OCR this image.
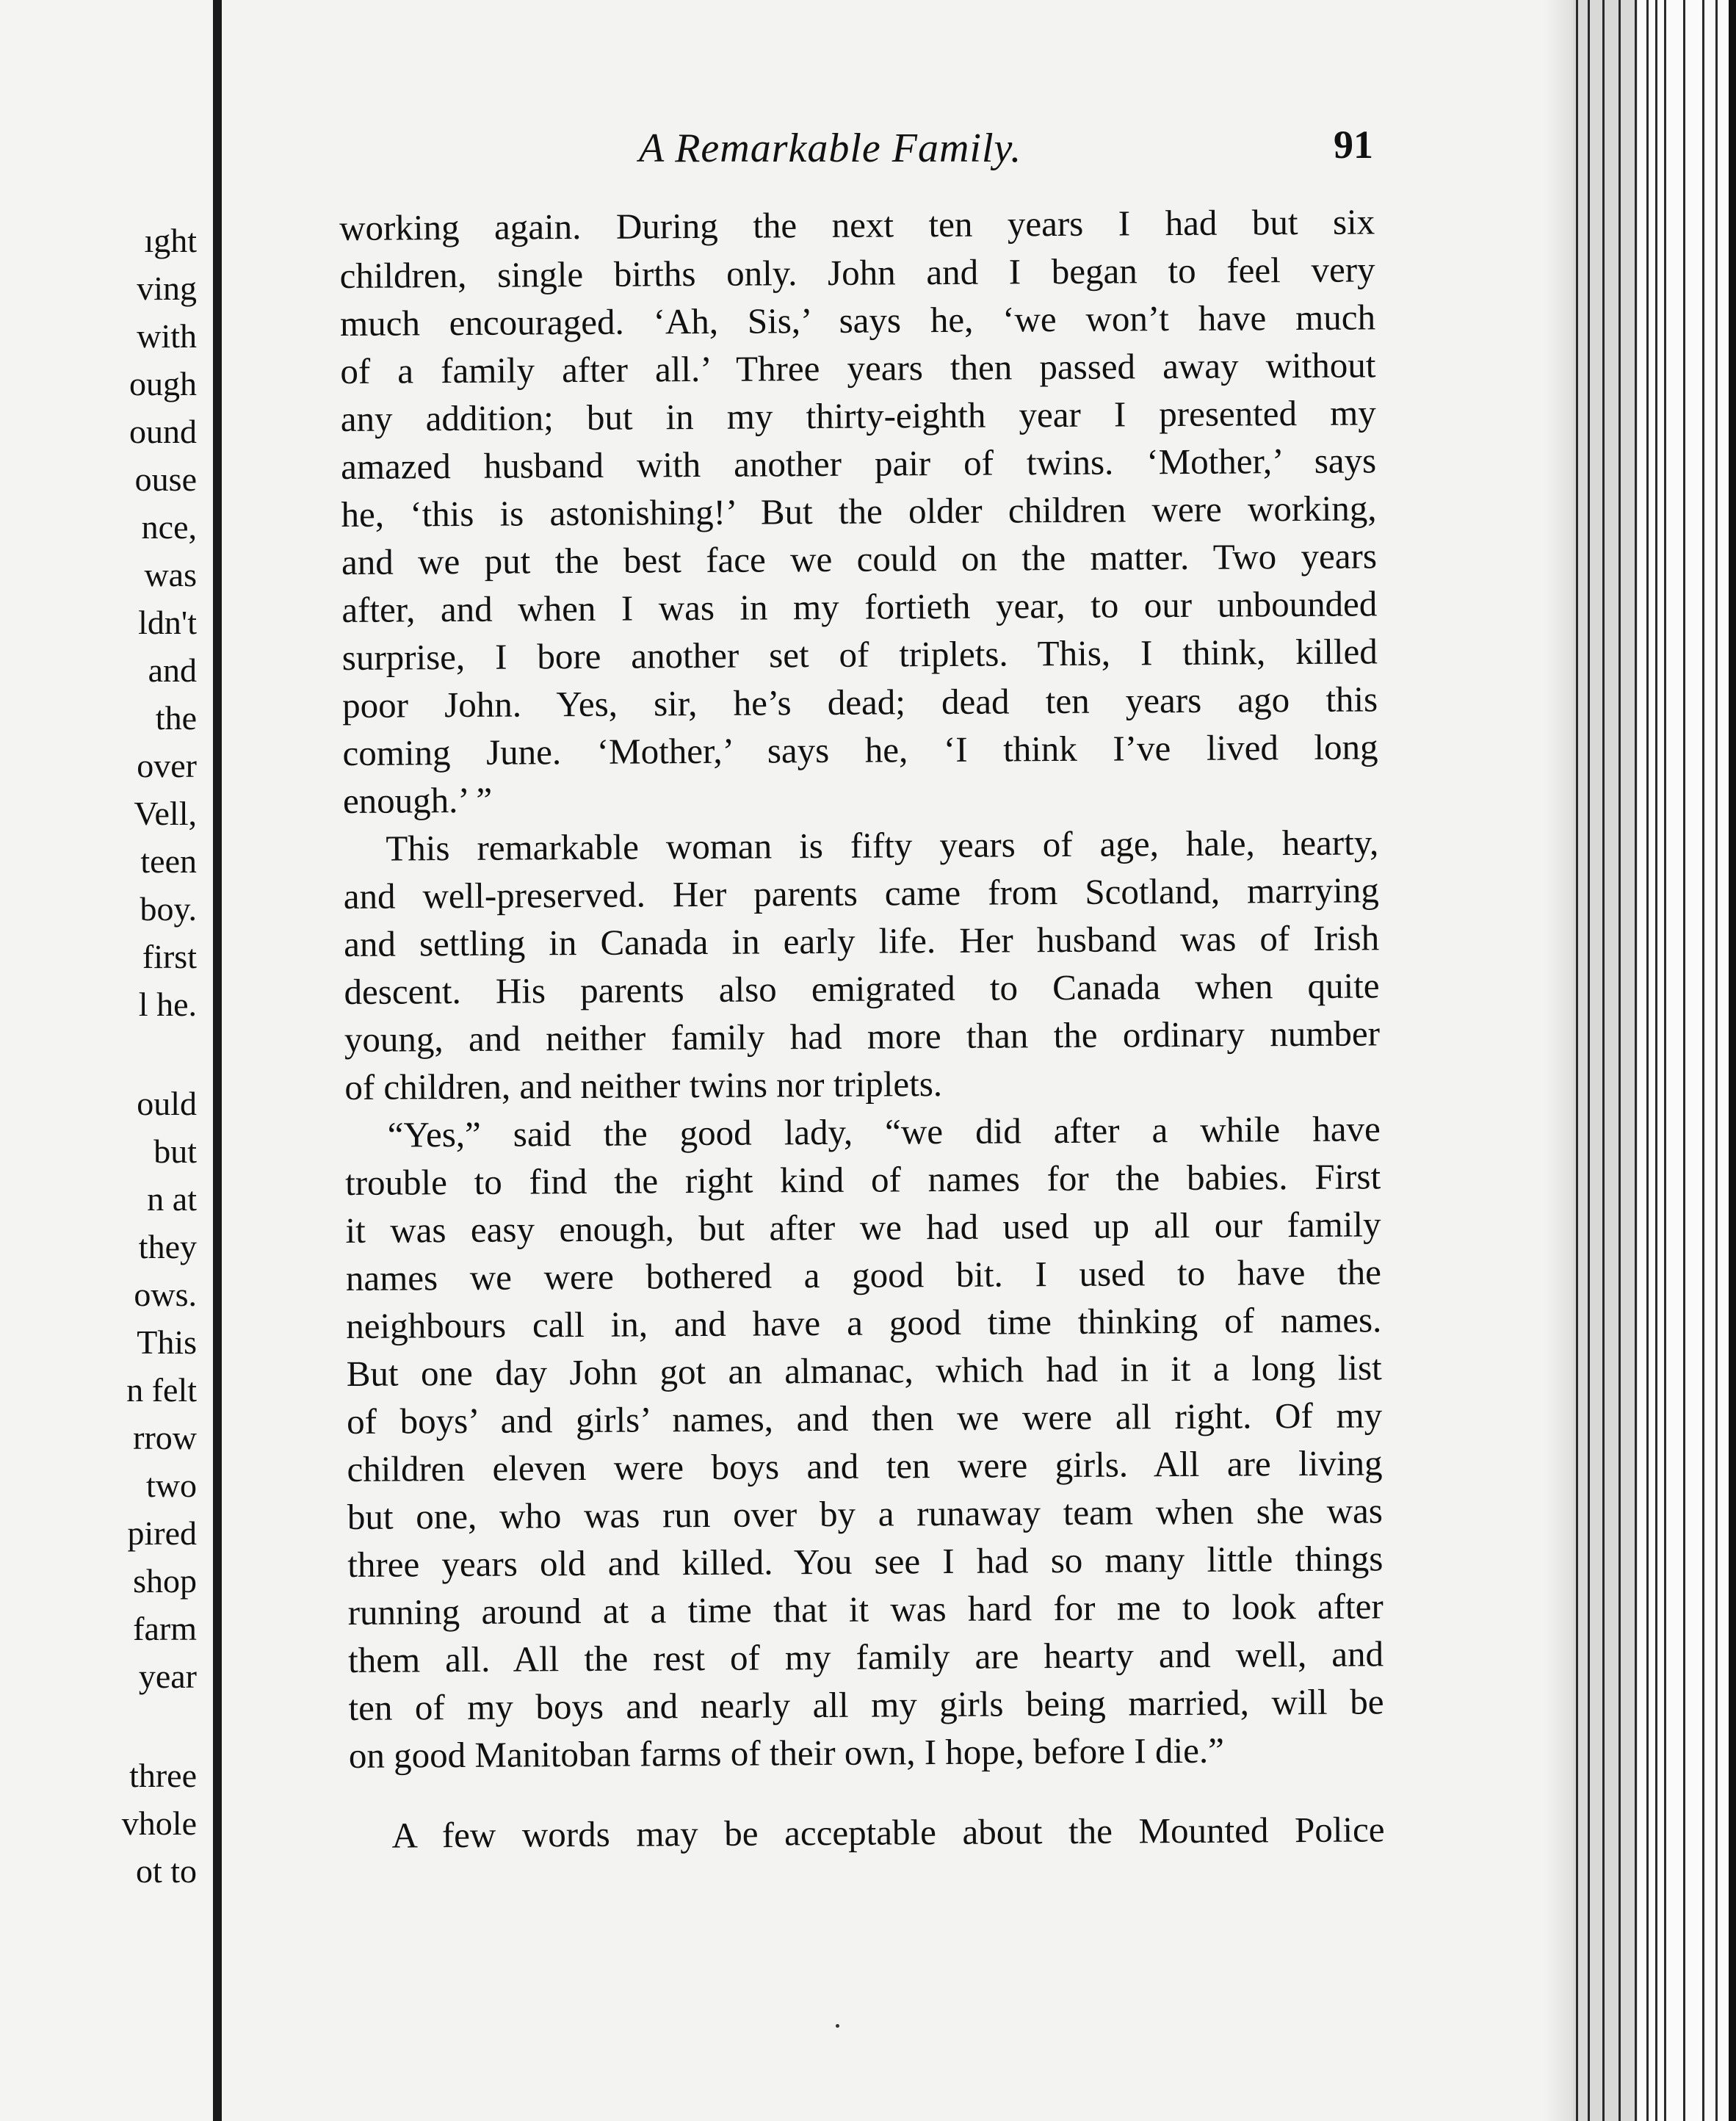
ıght
ving
with
ough
ound
ouse
nce,
was
ldn't
and
the
over
Vell,
teen
boy.
first
l he.
ould
but
n at
they
ows.
This
n felt
rrow
two
pired
shop
farm
year
three
vhole
ot to
A Remarkable Family.	91
working again. During the next ten years I had but six
children, single births only. John and I began to feel very
much encouraged. ‘Ah, Sis,’ says he, ‘we won’t have much
of a family after all.’ Three years then passed away without
any addition; but in my thirty-eighth year I presented my
amazed husband with another pair of twins. ‘Mother,’ says
he, ‘this is astonishing!’ But the older children were working,
and we put the best face we could on the matter. Two years
after, and when I was in my fortieth year, to our unbounded
surprise, I bore another set of triplets. This, I think, killed
poor John. Yes, sir, he’s dead; dead ten years ago this
coming June. ‘Mother,’ says he, ‘I think I’ve lived long
enough.’ ”
This remarkable woman is fifty years of age, hale, hearty,
and well-preserved. Her parents came from Scotland, marrying
and settling in Canada in early life. Her husband was of Irish
descent. His parents also emigrated to Canada when quite
young, and neither family had more than the ordinary number
of children, and neither twins nor triplets.
“Yes,” said the good lady, “we did after a while have
trouble to find the right kind of names for the babies. First
it was easy enough, but after we had used up all our family
names we were bothered a good bit. I used to have the
neighbours call in, and have a good time thinking of names.
But one day John got an almanac, which had in it a long list
of boys’ and girls’ names, and then we were all right. Of my
children eleven were boys and ten were girls. All are living
but one, who was run over by a runaway team when she was
three years old and killed. You see I had so many little things
running around at a time that it was hard for me to look after
them all. All the rest of my family are hearty and well, and
ten of my boys and nearly all my girls being married, will be
on good Manitoban farms of their own, I hope, before I die.”
A few words may be acceptable about the Mounted Police
